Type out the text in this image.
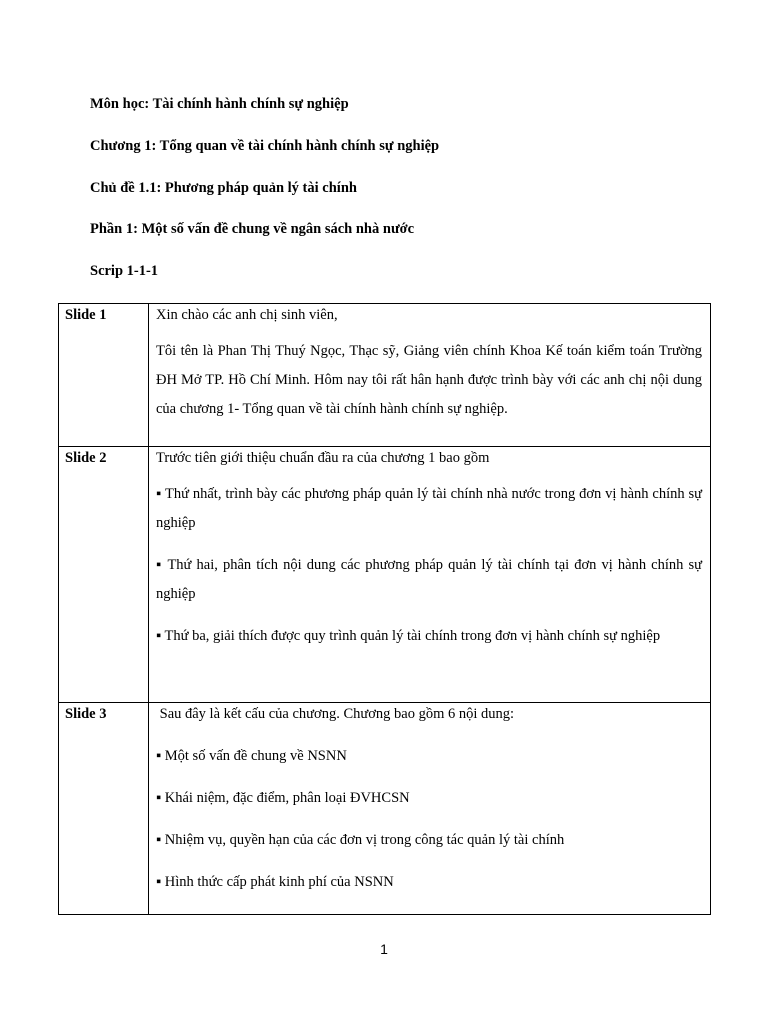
Môn học: Tài chính hành chính sự nghiệp
Chương 1: Tổng quan về tài chính hành chính sự nghiệp
Chủ đề 1.1: Phương pháp quản lý tài chính
Phần 1: Một số vấn đề chung về ngân sách nhà nước
Scrip 1-1-1
Slide 1	Xin chào các anh chị sinh viên,

Tôi tên là Phan Thị Thuý Ngọc, Thạc sỹ, Giảng viên chính Khoa Kế toán kiểm toán Trường ĐH Mở TP. Hồ Chí Minh. Hôm nay tôi rất hân hạnh được trình bày với các anh chị nội dung của chương 1- Tổng quan về tài chính hành chính sự nghiệp.

Slide 2	Trước tiên giới thiệu chuẩn đầu ra của chương 1 bao gồm

▪ Thứ nhất, trình bày các phương pháp quản lý tài chính nhà nước trong đơn vị hành chính sự nghiệp

▪ Thứ hai, phân tích nội dung các phương pháp quản lý tài chính tại đơn vị hành chính sự nghiệp

▪ Thứ ba, giải thích được quy trình quản lý tài chính trong đơn vị hành chính sự nghiệp

Slide 3	Sau đây là kết cấu của chương. Chương bao gồm 6 nội dung:

▪ Một số vấn đề chung về NSNN

▪ Khái niệm, đặc điểm, phân loại ĐVHCSN

▪ Nhiệm vụ, quyền hạn của các đơn vị trong công tác quản lý tài chính

▪ Hình thức cấp phát kinh phí của NSNN

1
